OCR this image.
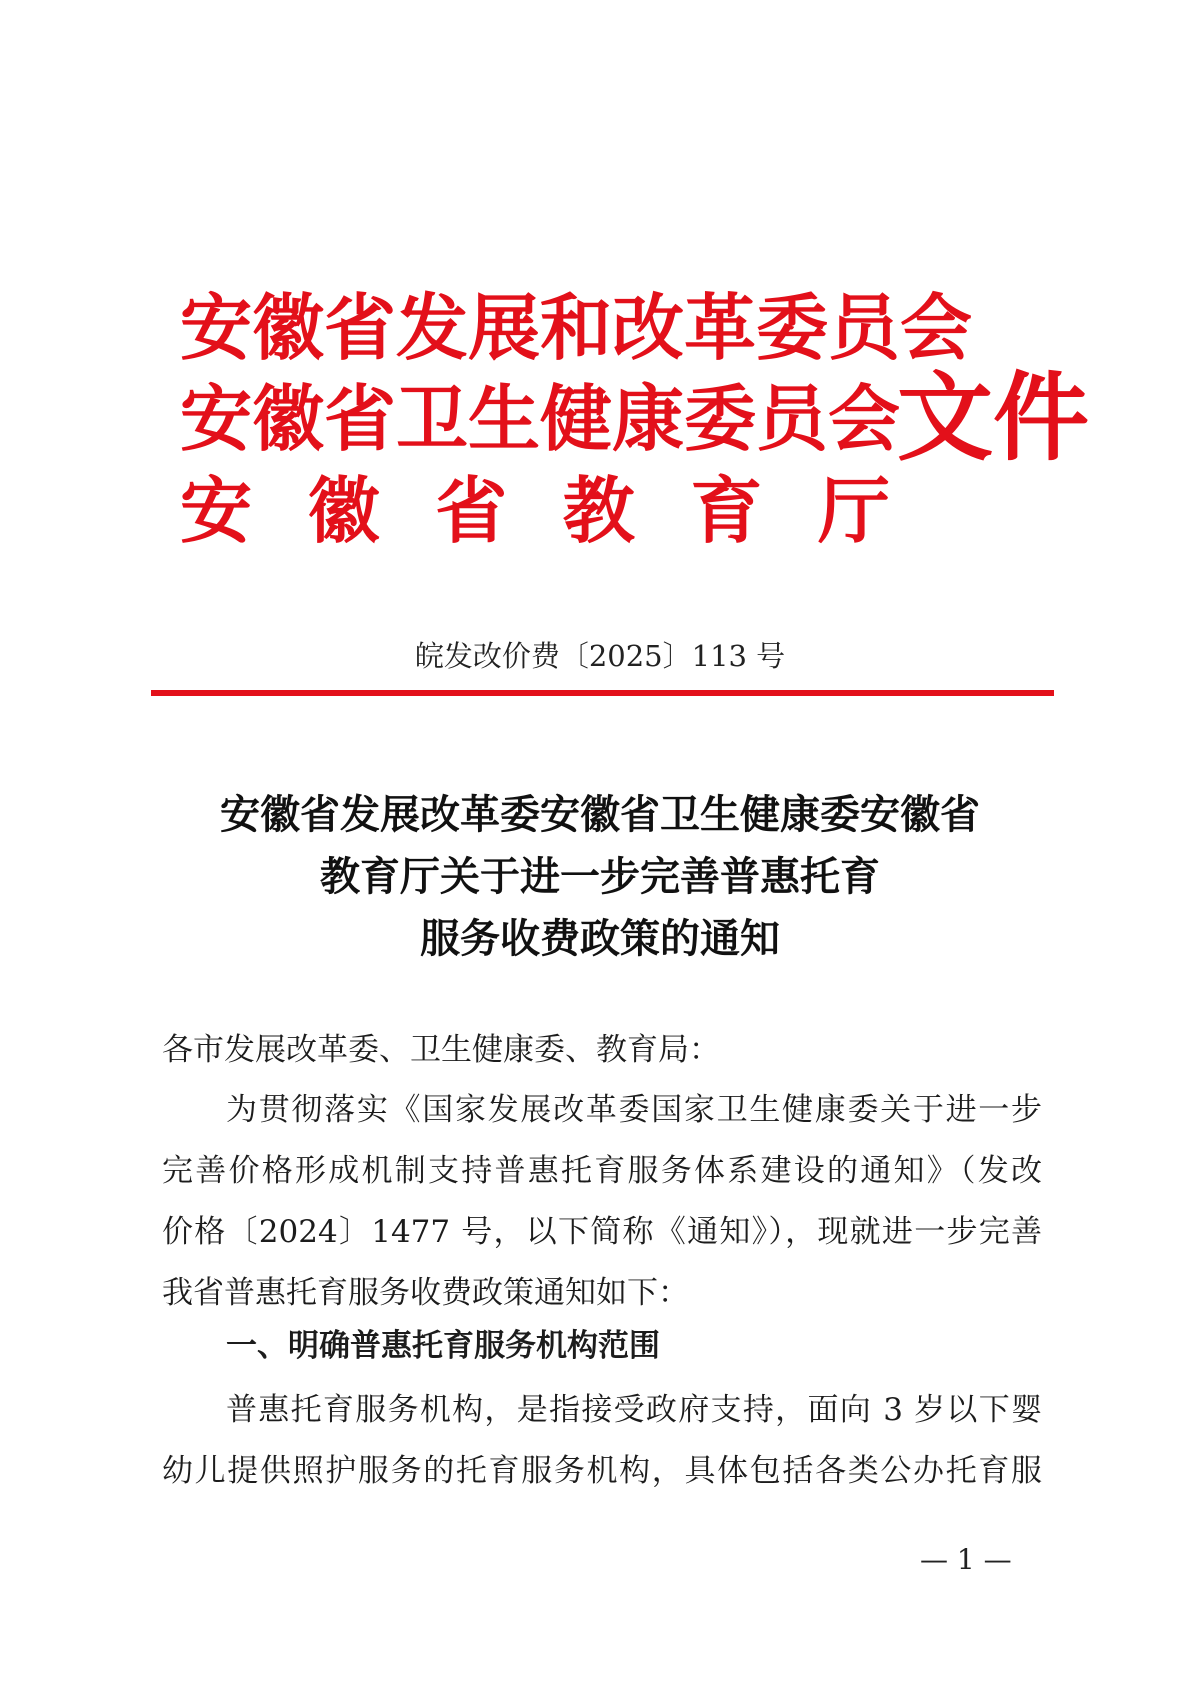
安徽省发展和改革委员会
安徽省卫生健康委员会
安 徽 省 教 育 厅
文件
皖发改价费〔2025〕113 号
安徽省发展改革委安徽省卫生健康委安徽省
教育厅关于进一步完善普惠托育
服务收费政策的通知
各市发展改革委、卫生健康委、教育局：
为贯彻落实《国家发展改革委国家卫生健康委关于进一步
完善价格形成机制支持普惠托育服务体系建设的通知》（发改
价格〔2024〕1477 号，以下简称《通知》），现就进一步完善
我省普惠托育服务收费政策通知如下：
一、明确普惠托育服务机构范围
普惠托育服务机构，是指接受政府支持，面向 3 岁以下婴
幼儿提供照护服务的托育服务机构，具体包括各类公办托育服
— 1 —
